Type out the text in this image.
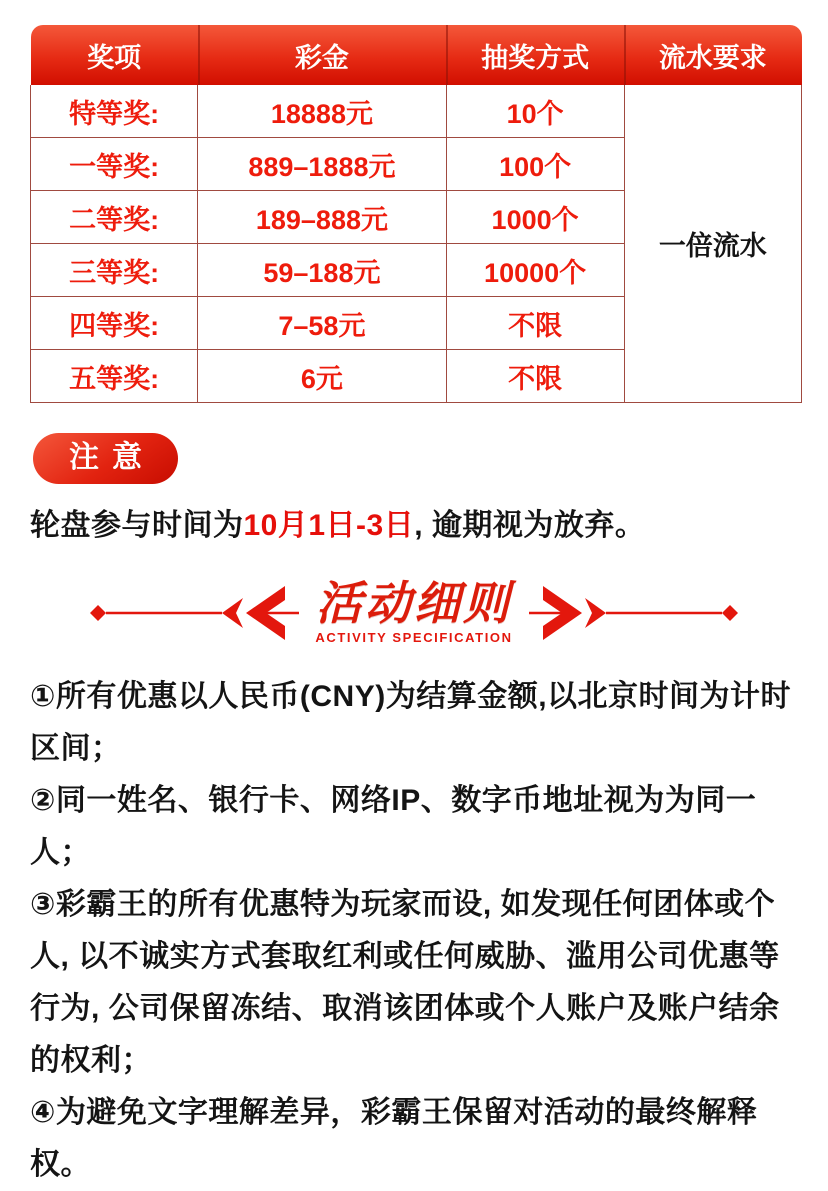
奖项	彩金	抽奖方式	流水要求
特等奖:	18888元	10个	一倍流水
一等奖:	889–1888元	100个	
二等奖:	189–888元	1000个	
三等奖:	59–188元	10000个	
四等奖:	7–58元	不限	
五等奖:	6元	不限	
注意

轮盘参与时间为10月1日-3日, 逾期视为放弃。

活动细则
ACTIVITY SPECIFICATION

①所有优惠以人民币(CNY)为结算金额,以北京时间为计时区间；

②同一姓名、银行卡、网络IP、数字币地址视为为同一人；

③彩霸王的所有优惠特为玩家而设, 如发现任何团体或个人, 以不诚实方式套取红利或任何威胁、滥用公司优惠等行为, 公司保留冻结、取消该团体或个人账户及账户结余的权利；

④为避免文字理解差异，彩霸王保留对活动的最终解释权。
